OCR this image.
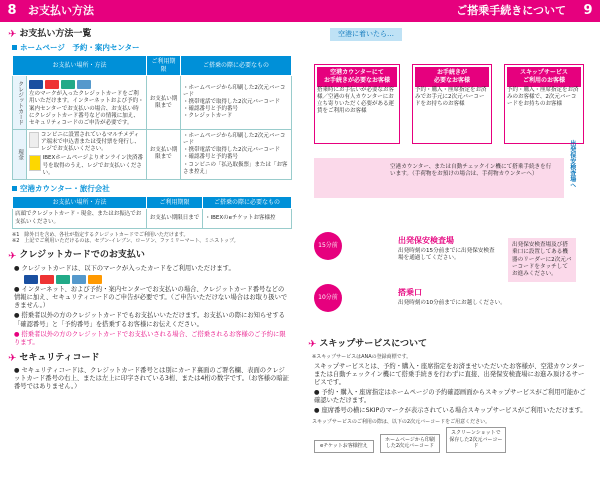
8	お支払い方法
✈ お支払い方法一覧
ホームページ　予約・案内センター
お支払い場所・方法		ご利用期限	ご搭乗の際に必要なもの
クレジットカード	左のマークが入ったクレジットカードをご利用いただけます。インターネットおよび予約・案内センターでお支払いの場合、お支払い時にクレジットカード番号などの情報に加え、セキュリティコードのご申告が必要です。	お支払い期限まで	・ホームページから印刷した2次元バーコード
・携帯電話で取得した2次元バーコード
・確認番号と予約番号
・クレジットカード
現金	コンビニに設置されているマルチメディア端末で申込書または受付票を発行し、レジでお支払いください。
IBEXホームページよりオンライン決済番号を取得のうえ、レジでお支払いください。	お支払い期限まで	・ホームページから印刷した2次元バーコード
・携帯電話で取得した2次元バーコード
・確認番号と予約番号
・コンビニの「払込取扱票」または「お客さま控え」
空港カウンター・旅行会社
お支払い場所・方法	ご利用期限	ご搭乗の際に必要なもの
店頭でクレジットカード・現金、またはお振込でお支払いください。	お支払い期限日まで	・IBEXのeチケットお客様控
※1　除外日を含め、各社が指定するクレジットカードでご利用いただけます。
※2　上記でご利用いただけるのは、セブン-イレブン、ローソン、ファミリーマート、ミニストップ。
✈ クレジットカードでのお支払い
● クレジットカードは、以下のマークが入ったカードをご利用いただけます。
● インターネット、および予約・案内センターでお支払いの場合、クレジットカード番号などの情報に加え、セキュリティコードのご申告が必要です。（ご申告いただけない場合はお取り扱いできません。）
● 搭乗者以外の方のクレジットカードでもお支払いいただけます。お支払いの際にお知らせする「確認番号」と「予約番号」を搭乗するお客様にお伝えください。
● 搭乗者以外の方のクレジットカードでお支払いされる場合、ご搭乗されるお客様のご予約に限ります。
✈ セキュリティコード
● セキュリティコードは、クレジットカード番号とは別にカード裏面のご署名欄、表面のクレジットカード番号の右上、または左上に印字されている3桁、または4桁の数字です。（お客様の暗証番号ではありません。）
ご搭乗手続きについて	9
空港に着いたら…
空港カウンターにて
お手続きが必要なお客様
搭乗時にお手伝いが必要なお客様／空港の有人カウンターにお立ち寄りいただく必要がある運賃をご利用のお客様
お手続きが
必要なお客様
予約・購入・座席指定をお済みでお手元に2次元バーコードをお持ちのお客様
スキップサービス
ご利用のお客様
予約・購入・座席指定をお済みのお客様で、2次元バーコードをお持ちのお客様
空港カウンター、または自動チェックイン機にて搭乗手続きを行います。（手荷物をお預けの場合は、手荷物カウンターへ）	出発保安検査場へ
15分前
出発保安検査場
出発時刻の15分前までに出発保安検査場を通過してください。
出発保安検査場及び搭乗口に設置してある機器のリーダーに2次元バーコードをタッチしてお進みください。
10分前
搭乗口
出発時刻の10分前までにお越しください。
✈ スキップサービスについて
※スキップサービスはANAの登録商標です。
スキップサービスとは、予約・購入・座席指定をお済ませいただいたお客様が、空港カウンターまたは自動チェックイン機にて搭乗手続きを行わずに直接、出発保安検査場にお進み頂けるサービスです。
● 予約・購入・座席指定はホームページの予約確認画面からスキップサービスがご利用可能かご確認いただけます。
● 座席番号の横にSKIPのマークが表示されている場合スキップサービスがご利用いただけます。
スキップサービスのご利用の際は、以下の2次元バーコードをご用意ください。
eチケットお客様控え ホームページから印刷した2次元バーコード スクリーンショットで保存した2次元バーコード
